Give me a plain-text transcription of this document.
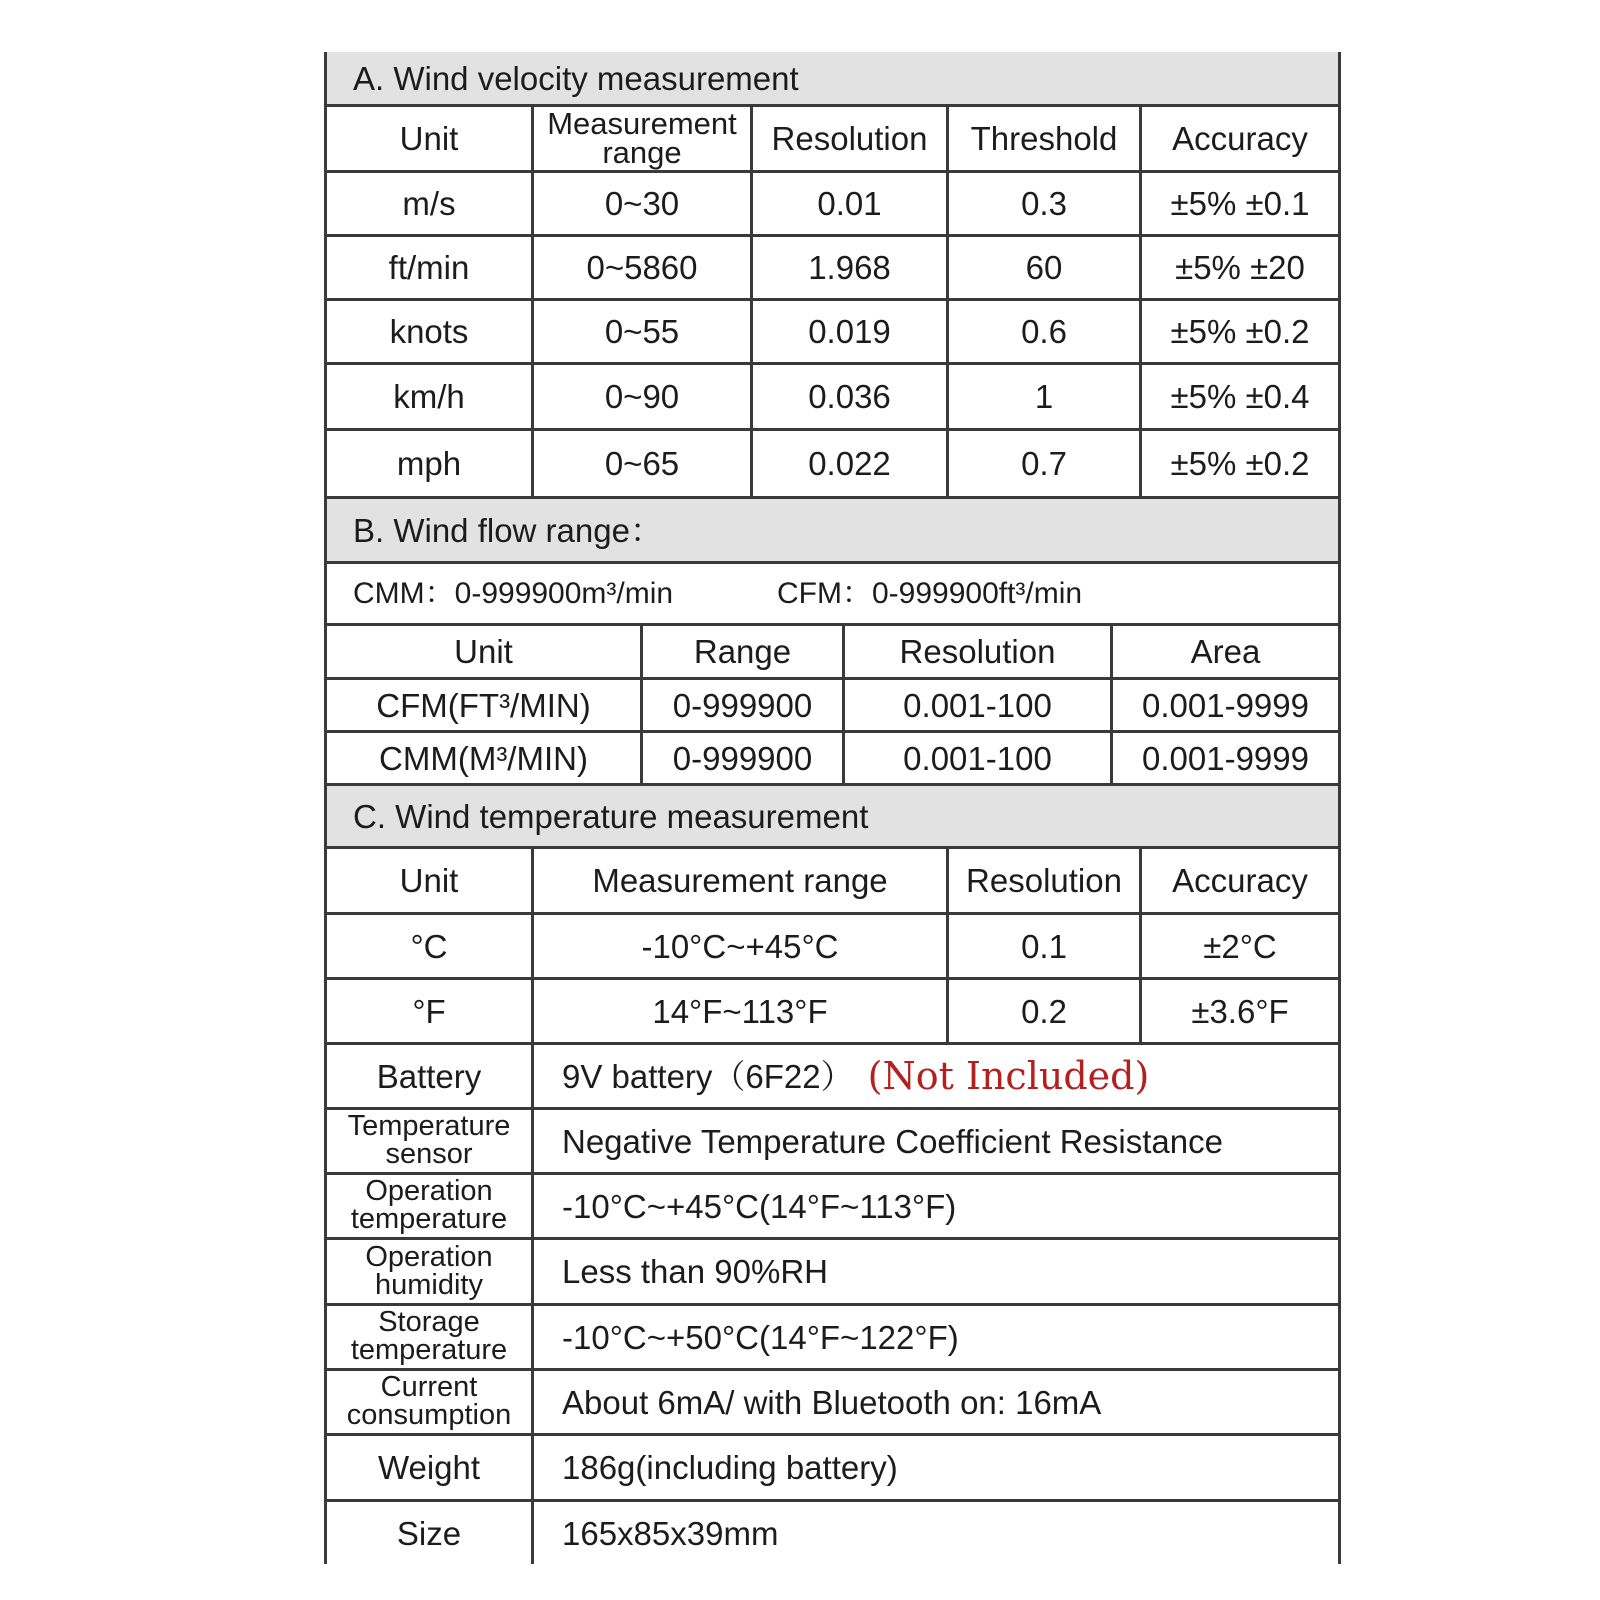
A. Wind velocity measurement
Unit	Measurement range	Resolution	Threshold	Accuracy
m/s	0~30	0.01	0.3	±5% ±0.1
ft/min	0~5860	1.968	60	±5% ±20
knots	0~55	0.019	0.6	±5% ±0.2
km/h	0~90	0.036	1	±5% ±0.4
mph	0~65	0.022	0.7	±5% ±0.2
B. Wind flow range：
CMM：0-999900m³/min	CFM：0-999900ft³/min
Unit	Range	Resolution	Area
CFM(FT³/MIN)	0-999900	0.001-100	0.001-9999
CMM(M³/MIN)	0-999900	0.001-100	0.001-9999
C. Wind temperature measurement
Unit	Measurement range	Resolution	Accuracy
°C	-10°C~+45°C	0.1	±2°C
°F	14°F~113°F	0.2	±3.6°F
Battery	9V battery（6F22） (Not Included)
Temperature sensor	Negative Temperature Coefficient Resistance
Operation temperature	-10°C~+45°C(14°F~113°F)
Operation humidity	Less than 90%RH
Storage temperature	-10°C~+50°C(14°F~122°F)
Current consumption	About 6mA/ with Bluetooth on: 16mA
Weight	186g(including battery)
Size	165x85x39mm
